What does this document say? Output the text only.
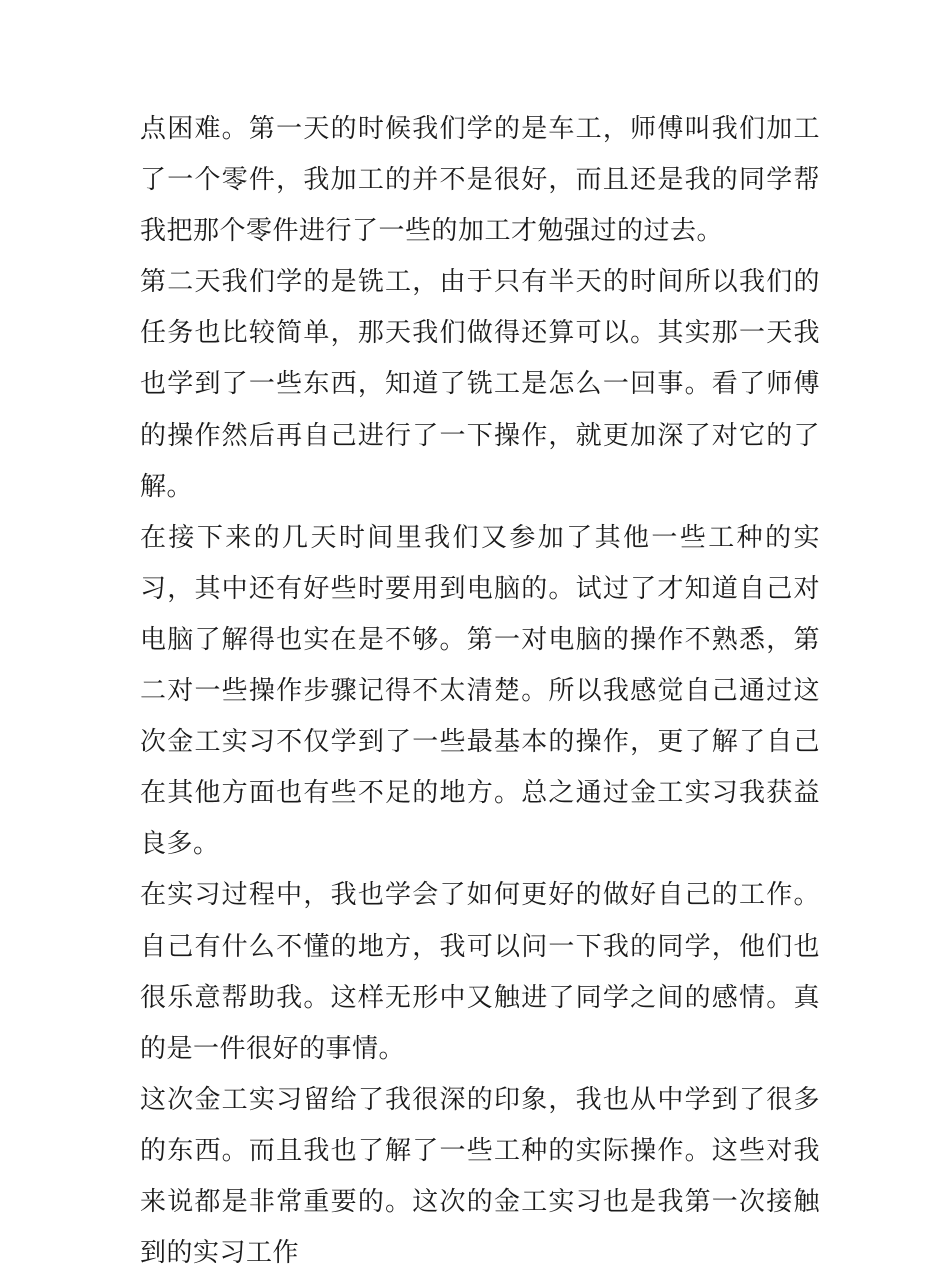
点困难。第一天的时候我们学的是车工，师傅叫我们加工了一个零件，我加工的并不是很好，而且还是我的同学帮我把那个零件进行了一些的加工才勉强过的过去。

第二天我们学的是铣工，由于只有半天的时间所以我们的任务也比较简单，那天我们做得还算可以。其实那一天我也学到了一些东西，知道了铣工是怎么一回事。看了师傅的操作然后再自己进行了一下操作，就更加深了对它的了解。

在接下来的几天时间里我们又参加了其他一些工种的实习，其中还有好些时要用到电脑的。试过了才知道自己对电脑了解得也实在是不够。第一对电脑的操作不熟悉，第二对一些操作步骤记得不太清楚。所以我感觉自己通过这次金工实习不仅学到了一些最基本的操作，更了解了自己在其他方面也有些不足的地方。总之通过金工实习我获益良多。

在实习过程中，我也学会了如何更好的做好自己的工作。自己有什么不懂的地方，我可以问一下我的同学，他们也很乐意帮助我。这样无形中又触进了同学之间的感情。真的是一件很好的事情。

这次金工实习留给了我很深的印象，我也从中学到了很多的东西。而且我也了解了一些工种的实际操作。这些对我来说都是非常重要的。这次的金工实习也是我第一次接触到的实习工作
